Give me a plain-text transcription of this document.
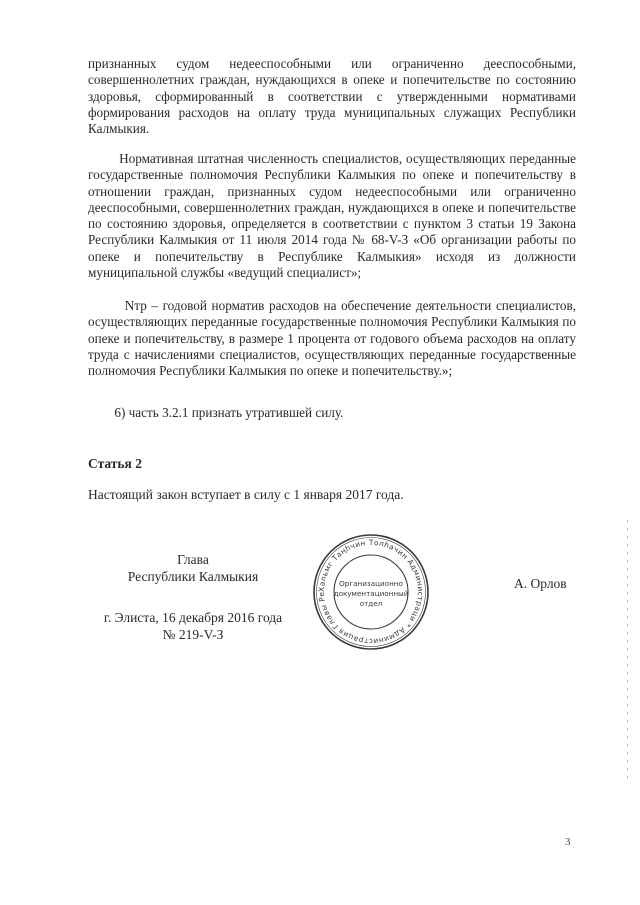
признанных судом недееспособными или ограниченно дееспособными, совершеннолетних граждан, нуждающихся в опеке и попечительстве по состоянию здоровья, сформированный в соответствии с утвержденными нормативами формирования расходов на оплату труда муниципальных служащих Республики Калмыкия.

Нормативная штатная численность специалистов, осуществляющих переданные государственные полномочия Республики Калмыкия по опеке и попечительству в отношении граждан, признанных судом недееспособными или ограниченно дееспособными, совершеннолетних граждан, нуждающихся в опеке и попечительстве по состоянию здоровья, определяется в соответствии с пунктом 3 статьи 19 Закона Республики Калмыкия от 11 июля 2014 года № 68-V-З «Об организации работы по опеке и попечительству в Республике Калмыкия» исходя из должности муниципальной службы «ведущий специалист»;

Nтр – годовой норматив расходов на обеспечение деятельности специалистов, осуществляющих переданные государственные полномочия Республики Калмыкия по опеке и попечительству, в размере 1 процента от годового объема расходов на оплату труда с начислениями специалистов, осуществляющих переданные государственные полномочия Республики Калмыкия по опеке и попечительству.»;

6) часть 3.2.1 признать утратившей силу.

Статья 2

Настоящий закон вступает в силу с 1 января 2017 года.

Глава
Республики Калмыкия
г. Элиста, 16 декабря 2016 года
№ 219-V-З
А. Орлов
Хальмг Таңһчин Толһачин Администраци * Администрация Главы Ре
Организационно
документационный
отдел
3
